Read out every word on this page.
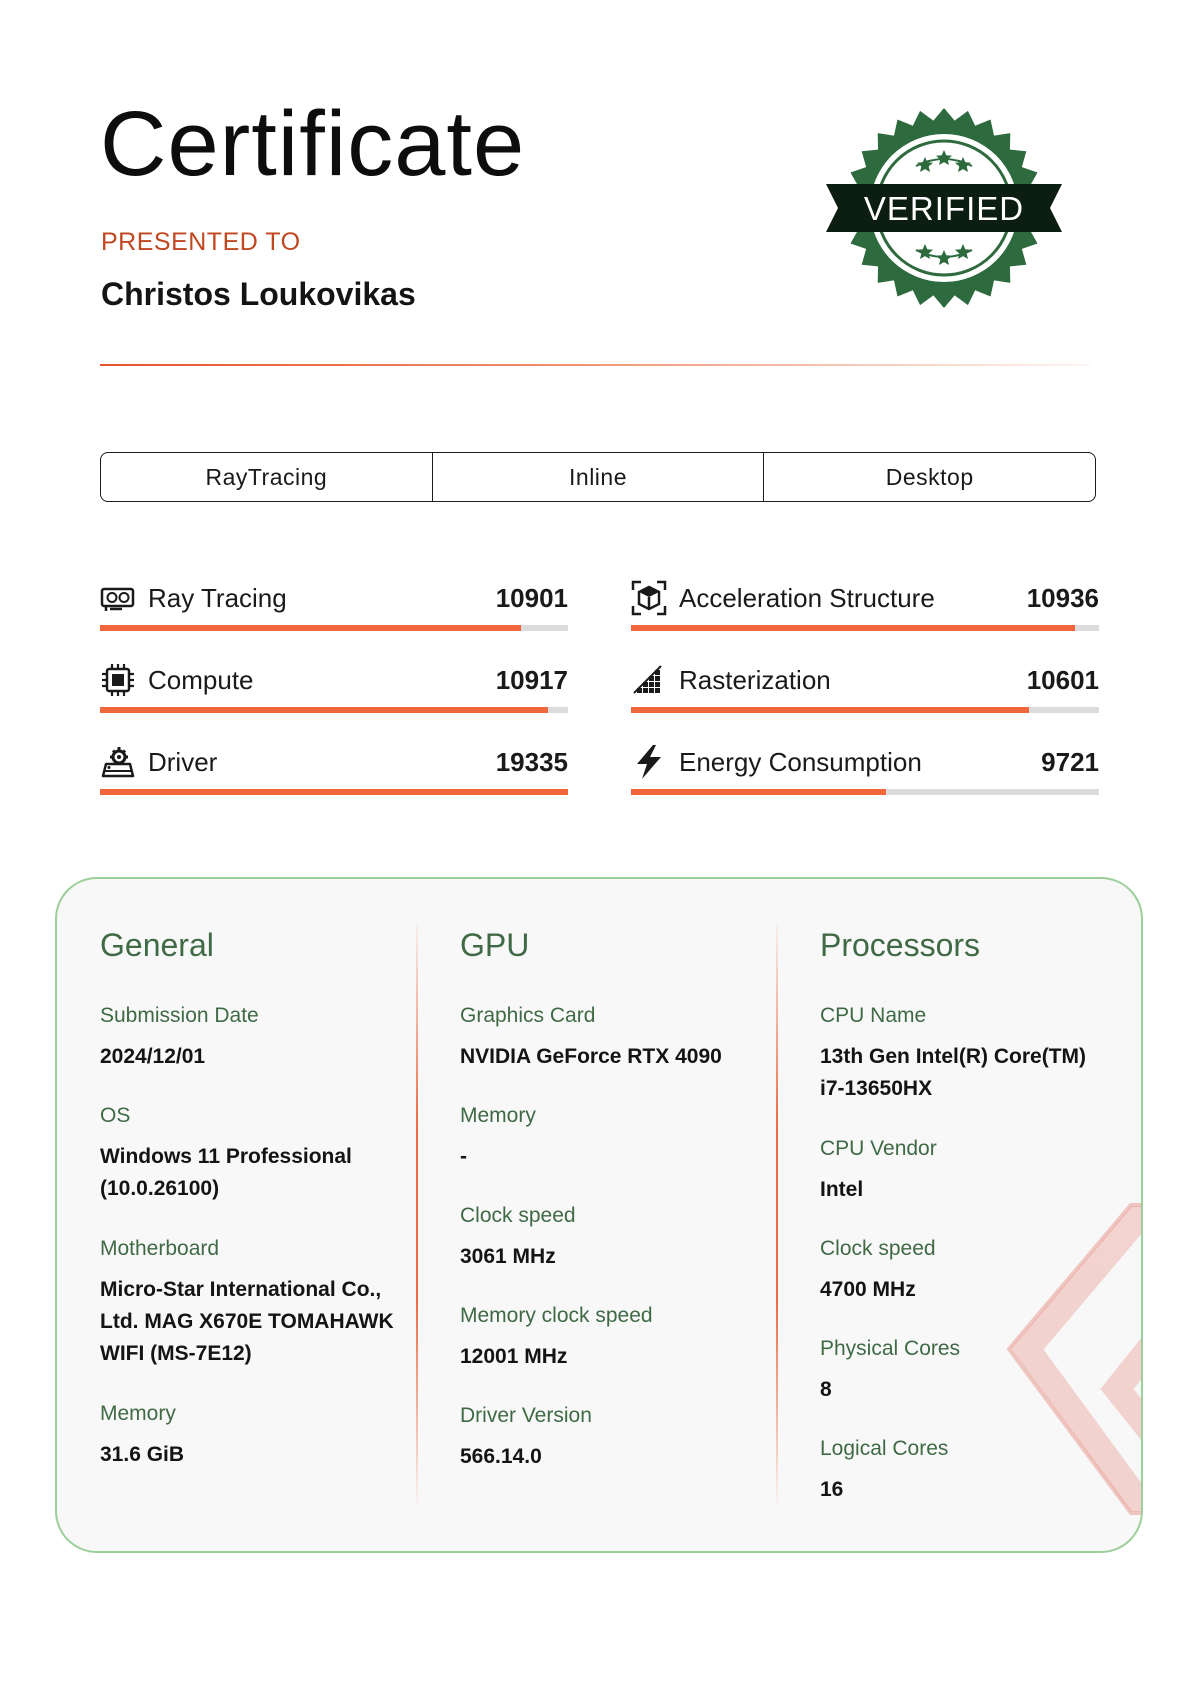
Certificate
PRESENTED TO
Christos Loukovikas
VERIFIED
RayTracing	Inline	Desktop
Ray Tracing	10901	Acceleration Structure	10936
Compute	10917	Rasterization	10601
Driver	19335	Energy Consumption	9721
General
Submission Date
2024/12/01
OS
Windows 11 Professional (10.0.26100)
Motherboard
Micro-Star International Co., Ltd. MAG X670E TOMAHAWK WIFI (MS-7E12)
Memory
31.6 GiB
GPU
Graphics Card
NVIDIA GeForce RTX 4090
Memory
-
Clock speed
3061 MHz
Memory clock speed
12001 MHz
Driver Version
566.14.0
Processors
CPU Name
13th Gen Intel(R) Core(TM) i7-13650HX
CPU Vendor
Intel
Clock speed
4700 MHz
Physical Cores
8
Logical Cores
16
